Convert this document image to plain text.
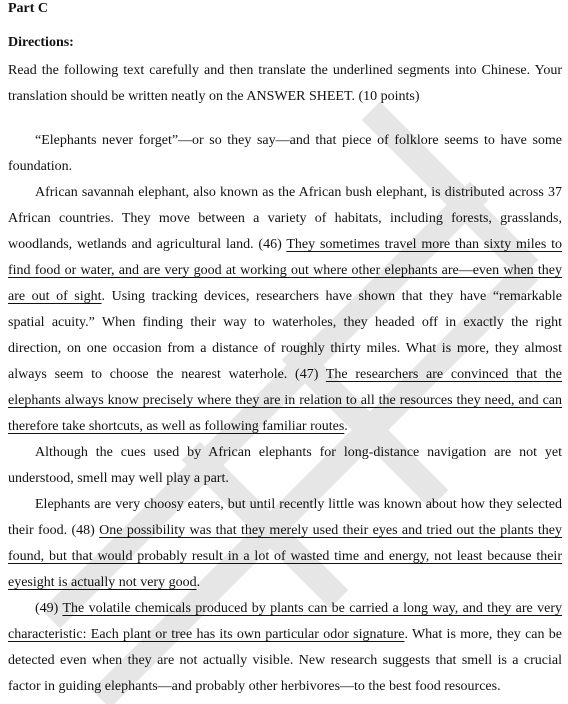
Part C

Directions:

Read the following text carefully and then translate the underlined segments into Chinese. Your translation should be written neatly on the ANSWER SHEET. (10 points)

“Elephants never forget”—or so they say—and that piece of folklore seems to have some foundation.

African savannah elephant, also known as the African bush elephant, is distributed across 37 African countries. They move between a variety of habitats, including forests, grasslands, woodlands, wetlands and agricultural land. (46) They sometimes travel more than sixty miles to find food or water, and are very good at working out where other elephants are—even when they are out of sight. Using tracking devices, researchers have shown that they have “remarkable spatial acuity.” When finding their way to waterholes, they headed off in exactly the right direction, on one occasion from a distance of roughly thirty miles. What is more, they almost always seem to choose the nearest waterhole. (47) The researchers are convinced that the elephants always know precisely where they are in relation to all the resources they need, and can therefore take shortcuts, as well as following familiar routes.

Although the cues used by African elephants for long-distance navigation are not yet understood, smell may well play a part.

Elephants are very choosy eaters, but until recently little was known about how they selected their food. (48) One possibility was that they merely used their eyes and tried out the plants they found, but that would probably result in a lot of wasted time and energy, not least because their eyesight is actually not very good.

(49) The volatile chemicals produced by plants can be carried a long way, and they are very characteristic: Each plant or tree has its own particular odor signature. What is more, they can be detected even when they are not actually visible. New research suggests that smell is a crucial factor in guiding elephants—and probably other herbivores—to the best food resources.
